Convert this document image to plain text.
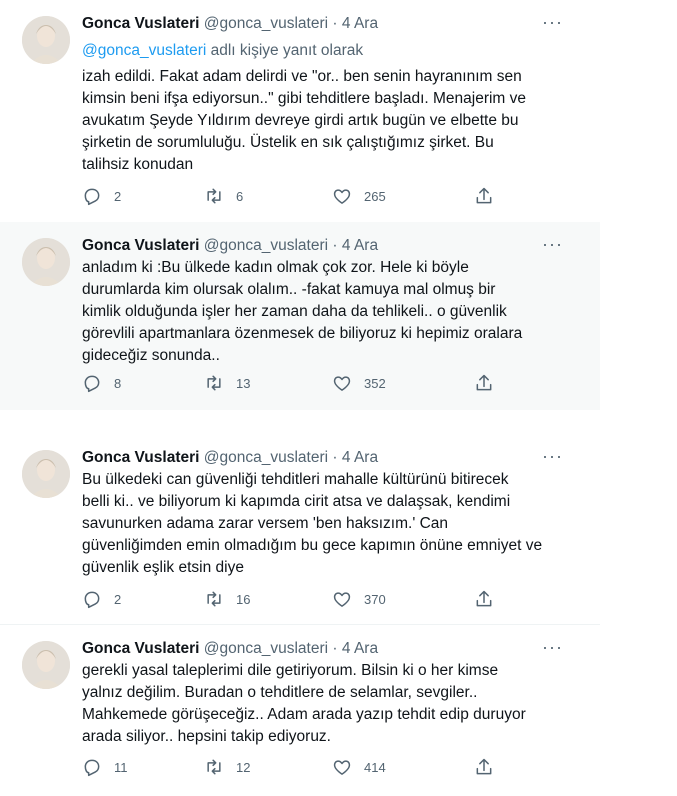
Gonca Vuslateri @gonca_vuslateri · 4 Ara	···
@gonca_vuslateri adlı kişiye yanıt olarak
izah edildi. Fakat adam delirdi ve "or.. ben senin hayranınım sen
kimsin beni ifşa ediyorsun.." gibi tehditlere başladı. Menajerim ve
avukatım Şeyde Yıldırım devreye girdi artık bugün ve elbette bu
şirketin de sorumluluğu. Üstelik en sık çalıştığımız şirket. Bu
talihsiz konudan
2	6	265
Gonca Vuslateri @gonca_vuslateri · 4 Ara	···
anladım ki :Bu ülkede kadın olmak çok zor. Hele ki böyle
durumlarda kim olursak olalım.. -fakat kamuya mal olmuş bir
kimlik olduğunda işler her zaman daha da tehlikeli.. o güvenlik
görevlili apartmanlara özenmesek de biliyoruz ki hepimiz oralara
gideceğiz sonunda..
8	13	352
Gonca Vuslateri @gonca_vuslateri · 4 Ara	···
Bu ülkedeki can güvenliği tehditleri mahalle kültürünü bitirecek
belli ki.. ve biliyorum ki kapımda cirit atsa ve dalaşsak, kendimi
savunurken adama zarar versem 'ben haksızım.' Can
güvenliğimden emin olmadığım bu gece kapımın önüne emniyet ve
güvenlik eşlik etsin diye
2	16	370
Gonca Vuslateri @gonca_vuslateri · 4 Ara	···
gerekli yasal taleplerimi dile getiriyorum. Bilsin ki o her kimse
yalnız değilim. Buradan o tehditlere de selamlar, sevgiler..
Mahkemede görüşeceğiz.. Adam arada yazıp tehdit edip duruyor
arada siliyor.. hepsini takip ediyoruz.
11	12	414
